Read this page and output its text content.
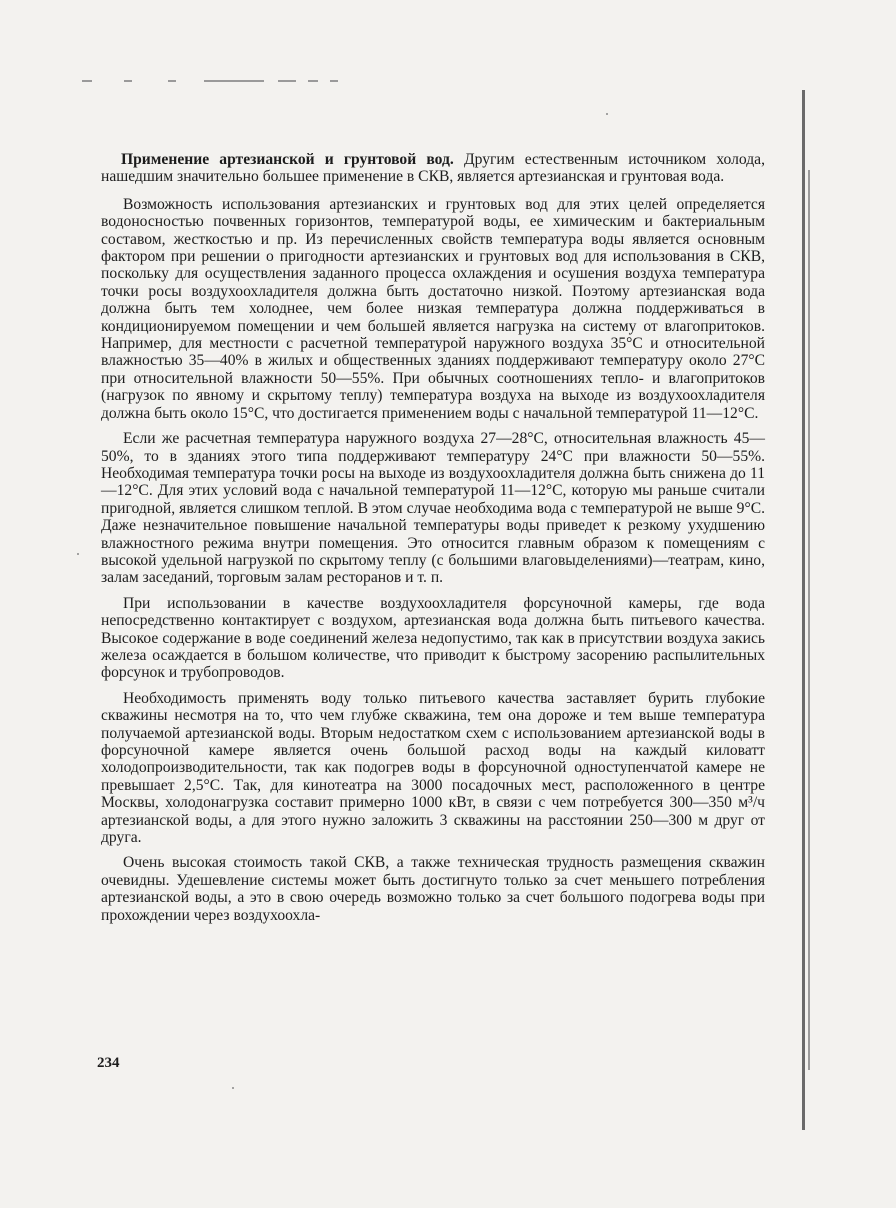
Применение артезианской и грунтовой вод. Другим естественным источником холода, нашедшим значительно большее применение в СКВ, является артезианская и грунтовая вода.

Возможность использования артезианских и грунтовых вод для этих целей определяется водоносностью почвенных горизонтов, температурой воды, ее химическим и бактериальным составом, жесткостью и пр. Из перечисленных свойств температура воды является основным фактором при решении о пригодности артезианских и грунтовых вод для использования в СКВ, поскольку для осуществления заданного процесса охлаждения и осушения воздуха температура точки росы воздухоохладителя должна быть достаточно низкой. Поэтому артезианская вода должна быть тем холоднее, чем более низкая температура должна поддерживаться в кондиционируемом помещении и чем большей является нагрузка на систему от влагопритоков. Например, для местности с расчетной температурой наружного воздуха 35°С и относительной влажностью 35—40% в жилых и общественных зданиях поддерживают температуру около 27°С при относительной влажности 50—55%. При обычных соотношениях тепло- и влагопритоков (нагрузок по явному и скрытому теплу) температура воздуха на выходе из воздухоохладителя должна быть около 15°С, что достигается применением воды с начальной температурой 11—12°С.

Если же расчетная температура наружного воздуха 27—28°С, относительная влажность 45—50%, то в зданиях этого типа поддерживают температуру 24°С при влажности 50—55%. Необходимая температура точки росы на выходе из воздухоохладителя должна быть снижена до 11—12°С. Для этих условий вода с начальной температурой 11—12°С, которую мы раньше считали пригодной, является слишком теплой. В этом случае необходима вода с температурой не выше 9°С. Даже незначительное повышение начальной температуры воды приведет к резкому ухудшению влажностного режима внутри помещения. Это относится главным образом к помещениям с высокой удельной нагрузкой по скрытому теплу (с большими влаговыделениями)—театрам, кино, залам заседаний, торговым залам ресторанов и т. п.

При использовании в качестве воздухоохладителя форсуночной камеры, где вода непосредственно контактирует с воздухом, артезианская вода должна быть питьевого качества. Высокое содержание в воде соединений железа недопустимо, так как в присутствии воздуха закись железа осаждается в большом количестве, что приводит к быстрому засорению распылительных форсунок и трубопроводов.

Необходимость применять воду только питьевого качества заставляет бурить глубокие скважины несмотря на то, что чем глубже скважина, тем она дороже и тем выше температура получаемой артезианской воды. Вторым недостатком схем с использованием артезианской воды в форсуночной камере является очень большой расход воды на каждый киловатт холодопроизводительности, так как подогрев воды в форсуночной одноступенчатой камере не превышает 2,5°С. Так, для кинотеатра на 3000 посадочных мест, расположенного в центре Москвы, холодонагрузка составит примерно 1000 кВт, в связи с чем потребуется 300—350 м³/ч артезианской воды, а для этого нужно заложить 3 скважины на расстоянии 250—300 м друг от друга.

Очень высокая стоимость такой СКВ, а также техническая трудность размещения скважин очевидны. Удешевление системы может быть достигнуто только за счет меньшего потребления артезианской воды, а это в свою очередь возможно только за счет большого подогрева воды при прохождении через воздухоохла-

234
